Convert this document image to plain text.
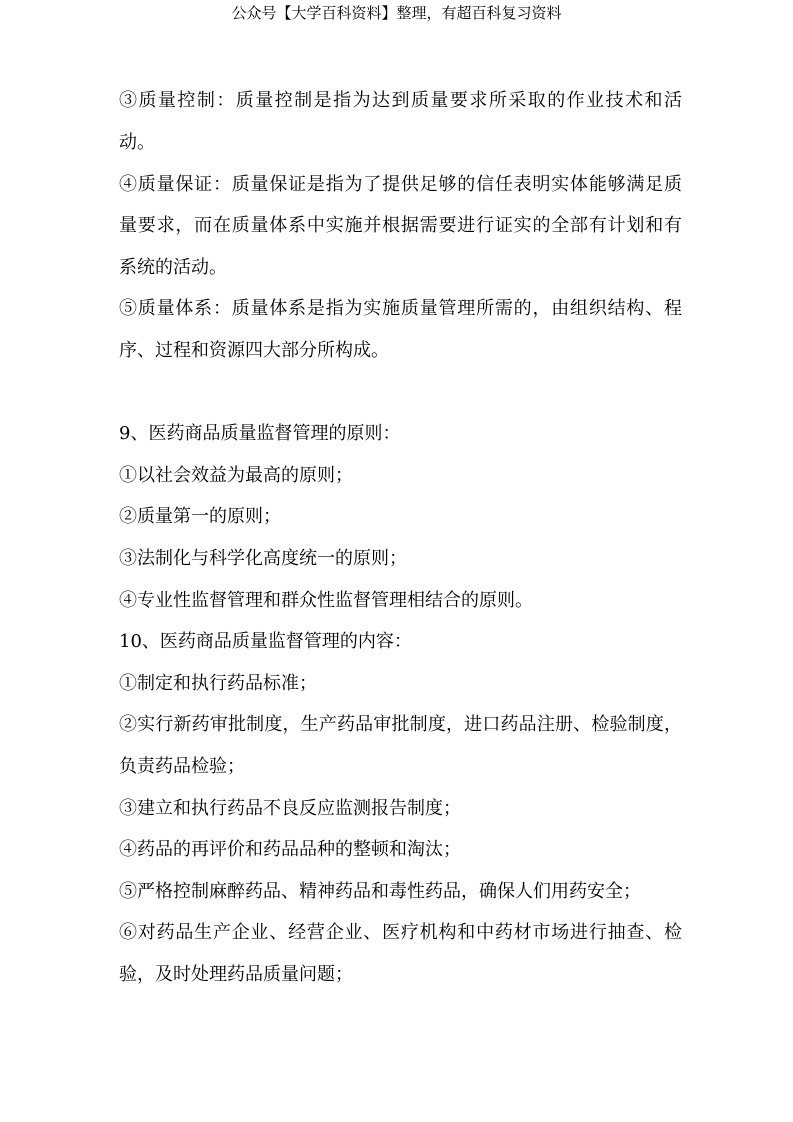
公众号【大学百科资料】整理，有超百科复习资料
③质量控制：质量控制是指为达到质量要求所采取的作业技术和活
动。
④质量保证：质量保证是指为了提供足够的信任表明实体能够满足质
量要求，而在质量体系中实施并根据需要进行证实的全部有计划和有
系统的活动。
⑤质量体系：质量体系是指为实施质量管理所需的，由组织结构、程
序、过程和资源四大部分所构成。
9、医药商品质量监督管理的原则：
①以社会效益为最高的原则；
②质量第一的原则；
③法制化与科学化高度统一的原则；
④专业性监督管理和群众性监督管理相结合的原则。
10、医药商品质量监督管理的内容：
①制定和执行药品标准；
②实行新药审批制度，生产药品审批制度，进口药品注册、检验制度，
负责药品检验；
③建立和执行药品不良反应监测报告制度；
④药品的再评价和药品品种的整顿和淘汰；
⑤严格控制麻醉药品、精神药品和毒性药品，确保人们用药安全；
⑥对药品生产企业、经营企业、医疗机构和中药材市场进行抽查、检
验，及时处理药品质量问题；
